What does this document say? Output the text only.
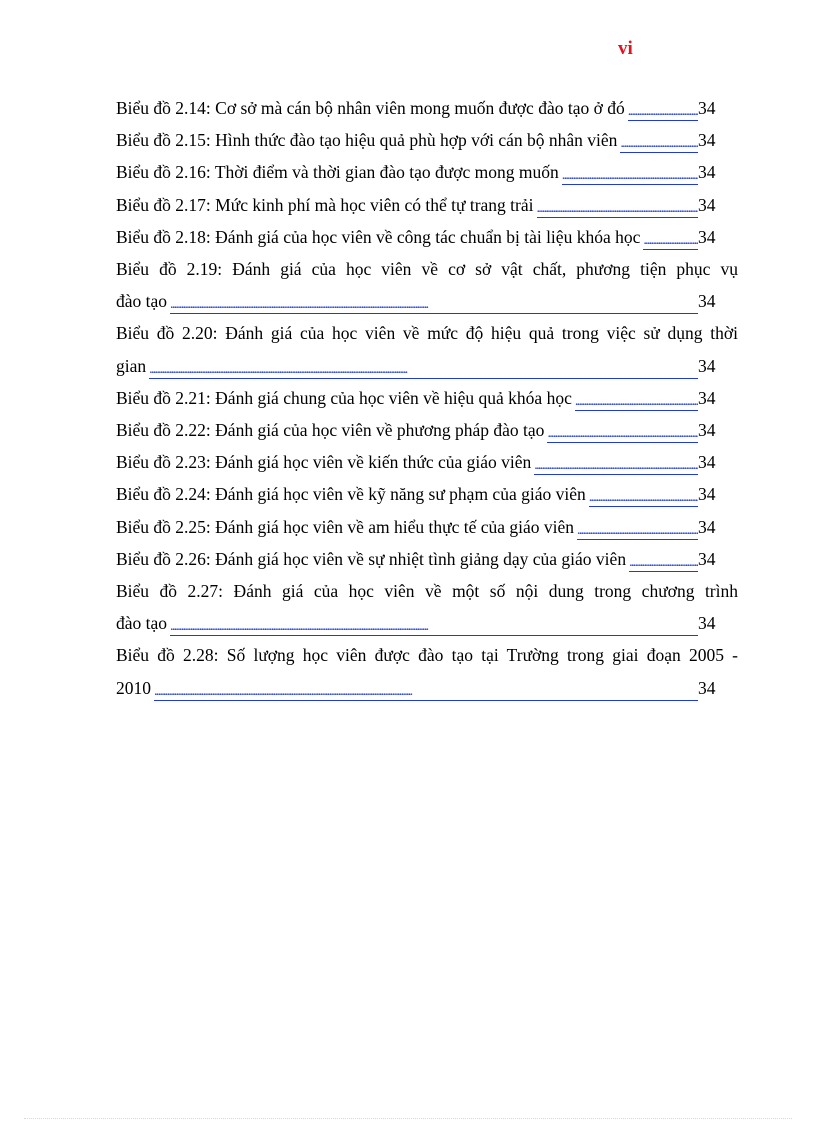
vi
Biểu đồ 2.14: Cơ sở mà cán bộ nhân viên mong muốn được đào tạo ở đó . . .	34
Biểu đồ 2.15: Hình thức đào tạo hiệu quả phù hợp với cán bộ nhân viên . . .	34
Biểu đồ 2.16: Thời điểm và thời gian đào tạo được mong muốn . . .	34
Biểu đồ 2.17: Mức kinh phí mà học viên có thể tự trang trải . . .	34
Biểu đồ 2.18: Đánh giá của học viên về công tác chuẩn bị tài liệu khóa học . . .	34
Biểu đồ 2.19: Đánh giá của học viên về cơ sở vật chất, phương tiện phục vụ
đào tạo . . .	34
Biểu đồ 2.20: Đánh giá của học viên về mức độ hiệu quả trong việc sử dụng thời
gian . . .	34
Biểu đồ 2.21: Đánh giá chung của học viên về hiệu quả khóa học . . .	34
Biểu đồ 2.22: Đánh giá của học viên về phương pháp đào tạo . . .	34
Biểu đồ 2.23: Đánh giá học viên về kiến thức của giáo viên . . .	34
Biểu đồ 2.24: Đánh giá học viên về kỹ năng sư phạm của giáo viên . . .	34
Biểu đồ 2.25: Đánh giá học viên về am hiểu thực tế của giáo viên . . .	34
Biểu đồ 2.26: Đánh giá học viên về sự nhiệt tình giảng dạy của giáo viên . . .	34
Biểu đồ 2.27: Đánh giá của học viên về một số nội dung trong chương trình
đào tạo . . .	34
Biểu đồ 2.28: Số lượng học viên được đào tạo tại Trường trong giai đoạn 2005 -
2010 . . .	34
